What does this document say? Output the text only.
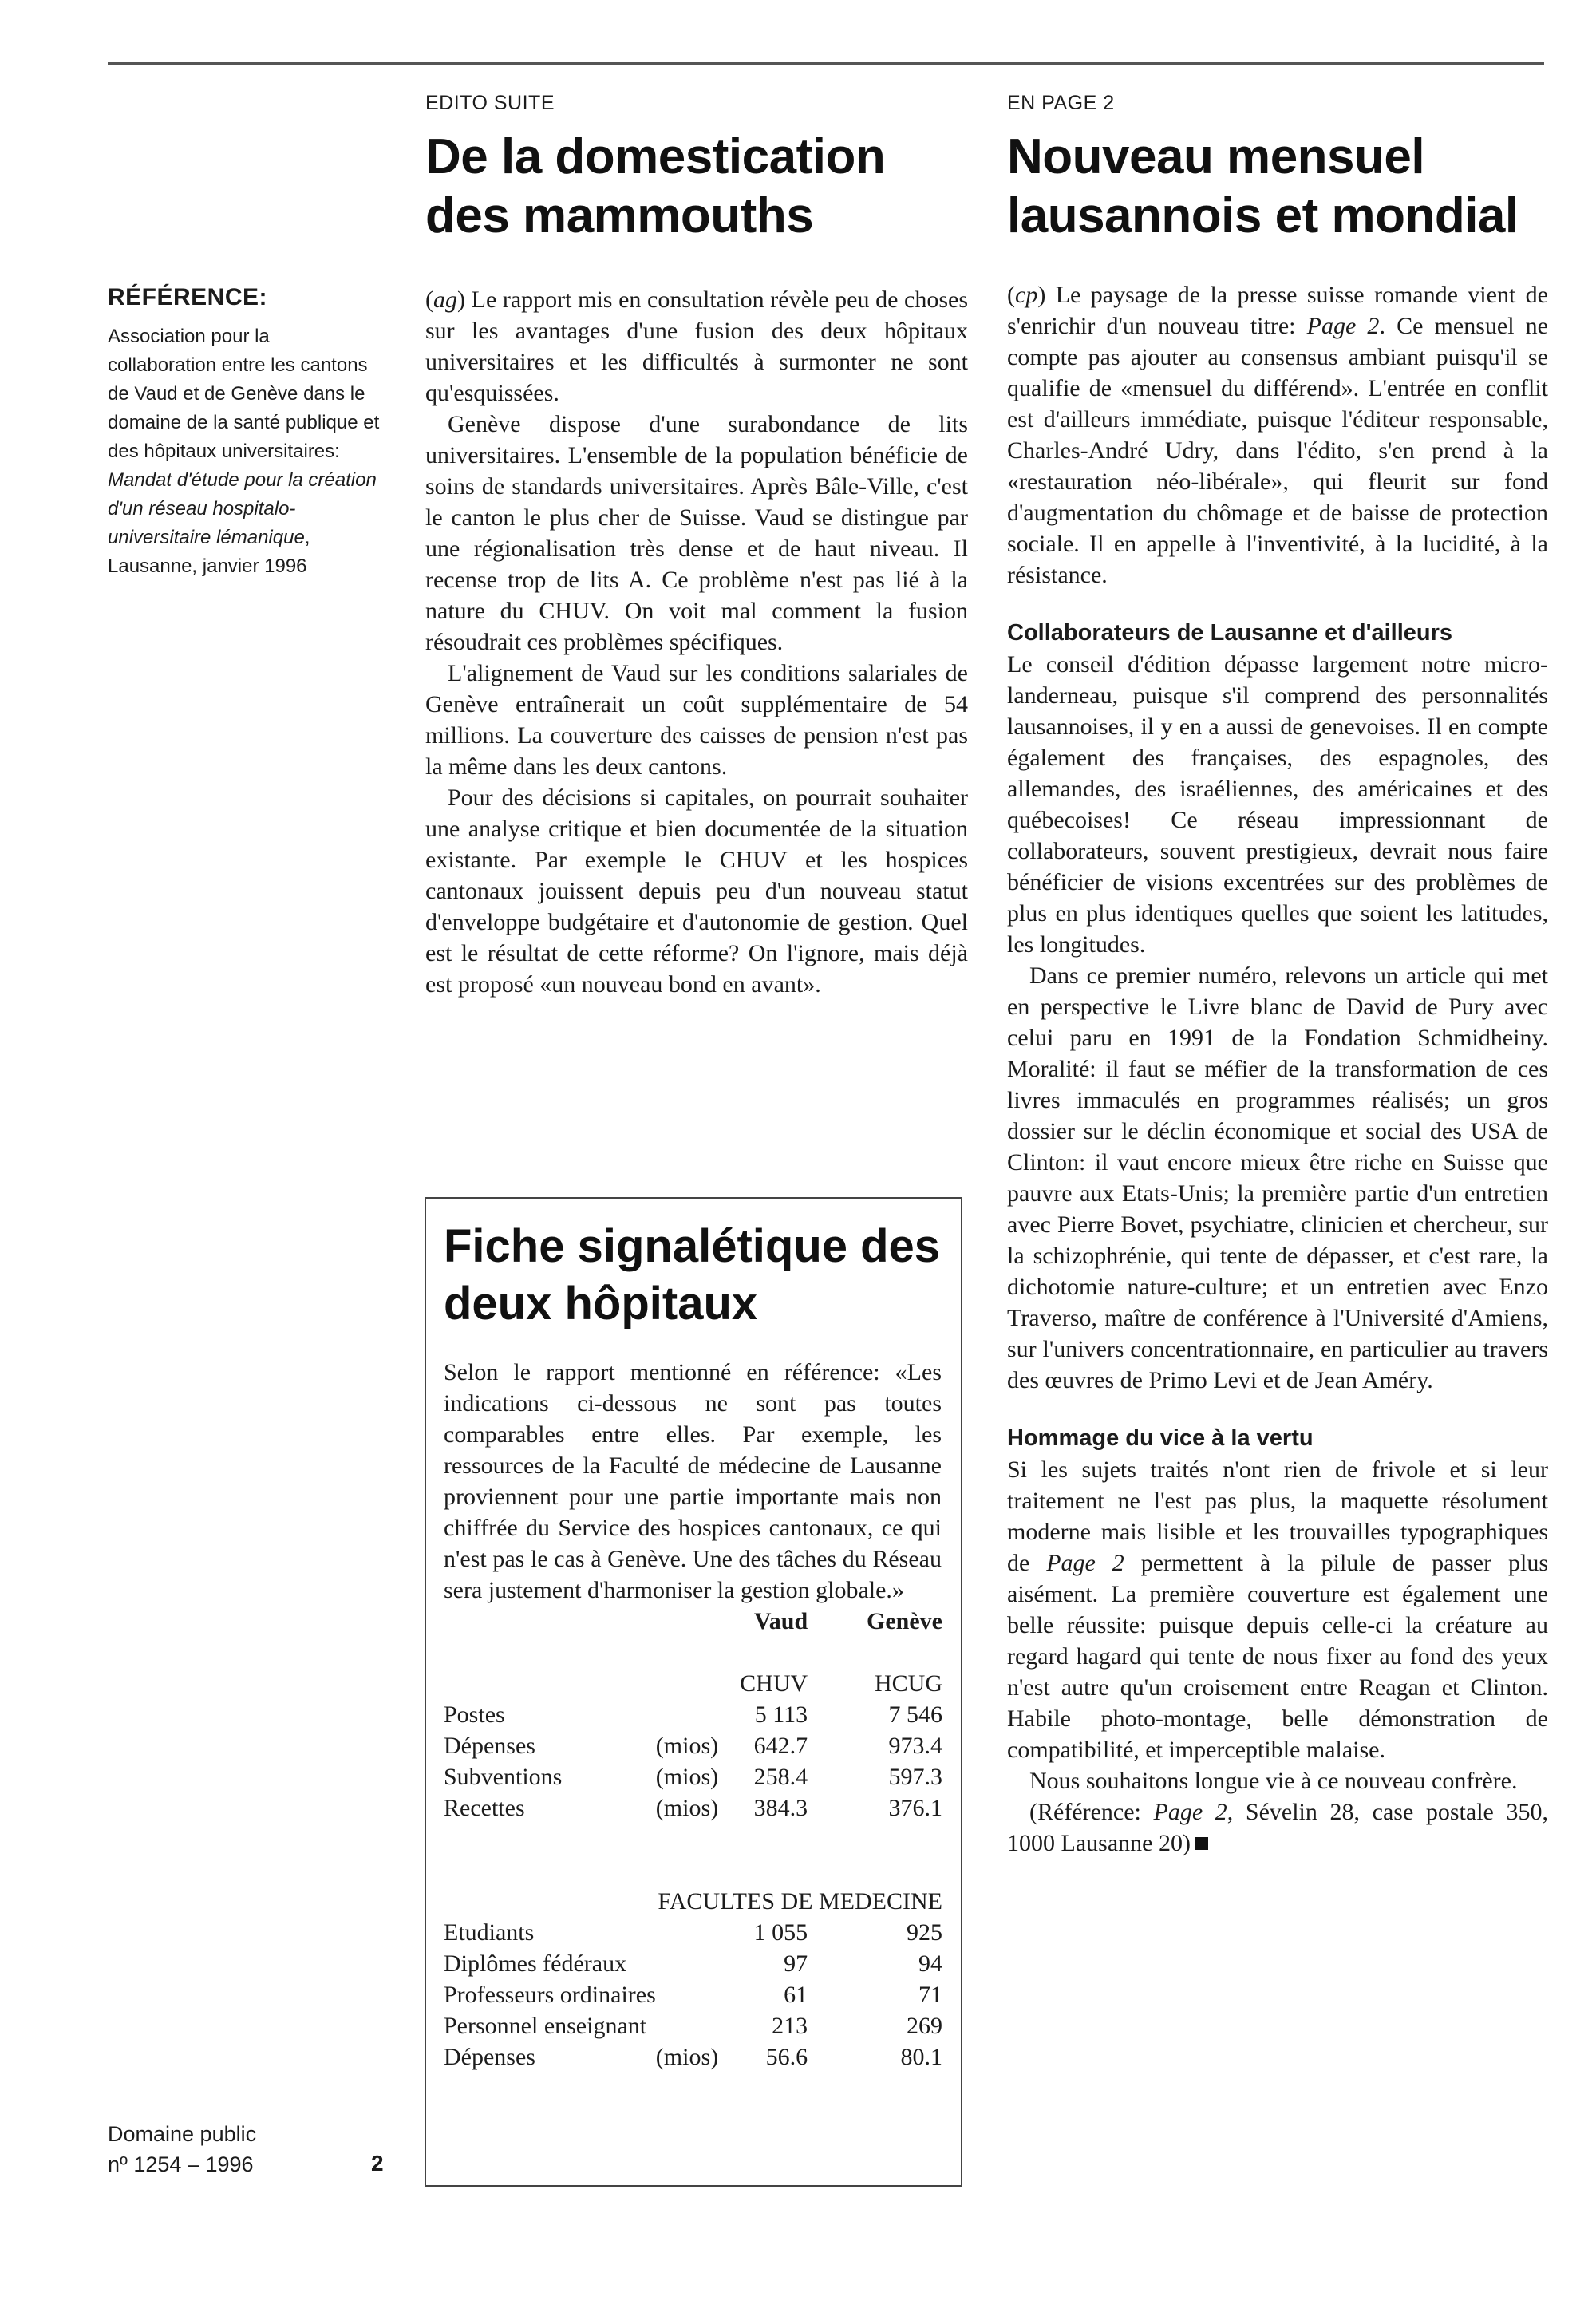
RÉFÉRENCE:

Association pour la collaboration entre les cantons de Vaud et de Genève dans le domaine de la santé publique et des hôpitaux universitaires:

Mandat d'étude pour la création d'un réseau hospitalo-universitaire lémanique, Lausanne, janvier 1996

Domaine public
nº 1254 – 1996	2
EDITO SUITE
De la domestication des mammouths

(ag) Le rapport mis en consultation révèle peu de choses sur les avantages d'une fusion des deux hôpitaux universitaires et les difficultés à surmonter ne sont qu'esquissées.

Genève dispose d'une surabondance de lits universitaires. L'ensemble de la population bénéficie de soins de standards universitaires. Après Bâle-Ville, c'est le canton le plus cher de Suisse. Vaud se distingue par une régionalisation très dense et de haut niveau. Il recense trop de lits A. Ce problème n'est pas lié à la nature du CHUV. On voit mal comment la fusion résoudrait ces problèmes spécifiques.

L'alignement de Vaud sur les conditions salariales de Genève entraînerait un coût supplémentaire de 54 millions. La couverture des caisses de pension n'est pas la même dans les deux cantons.

Pour des décisions si capitales, on pourrait souhaiter une analyse critique et bien documentée de la situation existante. Par exemple le CHUV et les hospices cantonaux jouissent depuis peu d'un nouveau statut d'enveloppe budgétaire et d'autonomie de gestion. Quel est le résultat de cette réforme? On l'ignore, mais déjà est proposé «un nouveau bond en avant».

Fiche signalétique des deux hôpitaux

Selon le rapport mentionné en référence: «Les indications ci-dessous ne sont pas toutes comparables entre elles. Par exemple, les ressources de la Faculté de médecine de Lausanne proviennent pour une partie importante mais non chiffrée du Service des hospices cantonaux, ce qui n'est pas le cas à Genève. Une des tâches du Réseau sera justement d'harmoniser la gestion globale.»

		Vaud	Genève

		CHUV	HCUG
Postes		5 113	7 546
Dépenses	(mios)	642.7	973.4
Subventions	(mios)	258.4	597.3
Recettes	(mios)	384.3	376.1

FACULTES DE MEDECINE			
Etudiants		1 055	925
Diplômes fédéraux		97	94
Professeurs ordinaires		61	71
Personnel enseignant		213	269
Dépenses	(mios)	56.6	80.1
EN PAGE 2
Nouveau mensuel lausannois et mondial

(cp) Le paysage de la presse suisse romande vient de s'enrichir d'un nouveau titre: Page 2. Ce mensuel ne compte pas ajouter au consensus ambiant puisqu'il se qualifie de «mensuel du différend». L'entrée en conflit est d'ailleurs immédiate, puisque l'éditeur responsable, Charles-André Udry, dans l'édito, s'en prend à la «restauration néo-libérale», qui fleurit sur fond d'augmentation du chômage et de baisse de protection sociale. Il en appelle à l'inventivité, à la lucidité, à la résistance.

Collaborateurs de Lausanne et d'ailleurs

Le conseil d'édition dépasse largement notre micro-landerneau, puisque s'il comprend des personnalités lausannoises, il y en a aussi de genevoises. Il en compte également des françaises, des espagnoles, des allemandes, des israéliennes, des américaines et des québecoises! Ce réseau impressionnant de collaborateurs, souvent prestigieux, devrait nous faire bénéficier de visions excentrées sur des problèmes de plus en plus identiques quelles que soient les latitudes, les longitudes.

Dans ce premier numéro, relevons un article qui met en perspective le Livre blanc de David de Pury avec celui paru en 1991 de la Fondation Schmidheiny. Moralité: il faut se méfier de la transformation de ces livres immaculés en programmes réalisés; un gros dossier sur le déclin économique et social des USA de Clinton: il vaut encore mieux être riche en Suisse que pauvre aux Etats-Unis; la première partie d'un entretien avec Pierre Bovet, psychiatre, clinicien et chercheur, sur la schizophrénie, qui tente de dépasser, et c'est rare, la dichotomie nature-culture; et un entretien avec Enzo Traverso, maître de conférence à l'Université d'Amiens, sur l'univers concentrationnaire, en particulier au travers des œuvres de Primo Levi et de Jean Améry.

Hommage du vice à la vertu

Si les sujets traités n'ont rien de frivole et si leur traitement ne l'est pas plus, la maquette résolument moderne mais lisible et les trouvailles typographiques de Page 2 permettent à la pilule de passer plus aisément. La première couverture est également une belle réussite: puisque depuis celle-ci la créature au regard hagard qui tente de nous fixer au fond des yeux n'est autre qu'un croisement entre Reagan et Clinton. Habile photo-montage, belle démonstration de compatibilité, et imperceptible malaise.

Nous souhaitons longue vie à ce nouveau confrère.

(Référence: Page 2, Sévelin 28, case postale 350, 1000 Lausanne 20)
